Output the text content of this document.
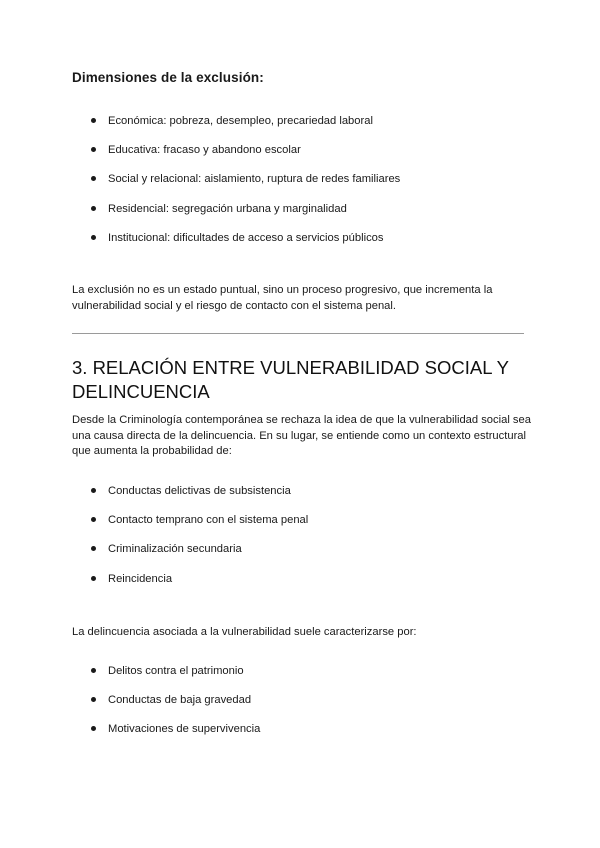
Dimensiones de la exclusión:
Económica: pobreza, desempleo, precariedad laboral
Educativa: fracaso y abandono escolar
Social y relacional: aislamiento, ruptura de redes familiares
Residencial: segregación urbana y marginalidad
Institucional: dificultades de acceso a servicios públicos

La exclusión no es un estado puntual, sino un proceso progresivo, que incrementa la vulnerabilidad social y el riesgo de contacto con el sistema penal.

3. RELACIÓN ENTRE VULNERABILIDAD SOCIAL Y DELINCUENCIA

Desde la Criminología contemporánea se rechaza la idea de que la vulnerabilidad social sea una causa directa de la delincuencia. En su lugar, se entiende como un contexto estructural que aumenta la probabilidad de:

Conductas delictivas de subsistencia
Contacto temprano con el sistema penal
Criminalización secundaria
Reincidencia

La delincuencia asociada a la vulnerabilidad suele caracterizarse por:

Delitos contra el patrimonio
Conductas de baja gravedad
Motivaciones de supervivencia
